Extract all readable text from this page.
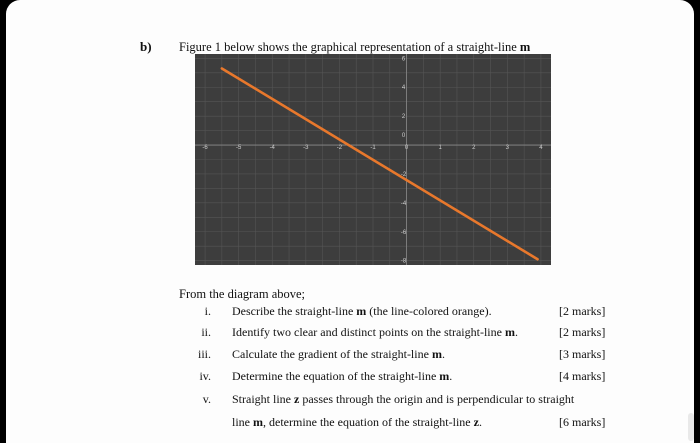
b) Figure 1 below shows the graphical representation of a straight-line m
-6	-5	-4	-3	-2	-1	0	1	2	3	4
-8
-6
-4
-2
2
4
6
0
From the diagram above;
i. Describe the straight-line m (the line-colored orange).	[2 marks]
ii. Identify two clear and distinct points on the straight-line m.	[2 marks]
iii. Calculate the gradient of the straight-line m.	[3 marks]
iv. Determine the equation of the straight-line m.	[4 marks]
v. Straight line z passes through the origin and is perpendicular to straight
line m, determine the equation of the straight-line z.	[6 marks]
